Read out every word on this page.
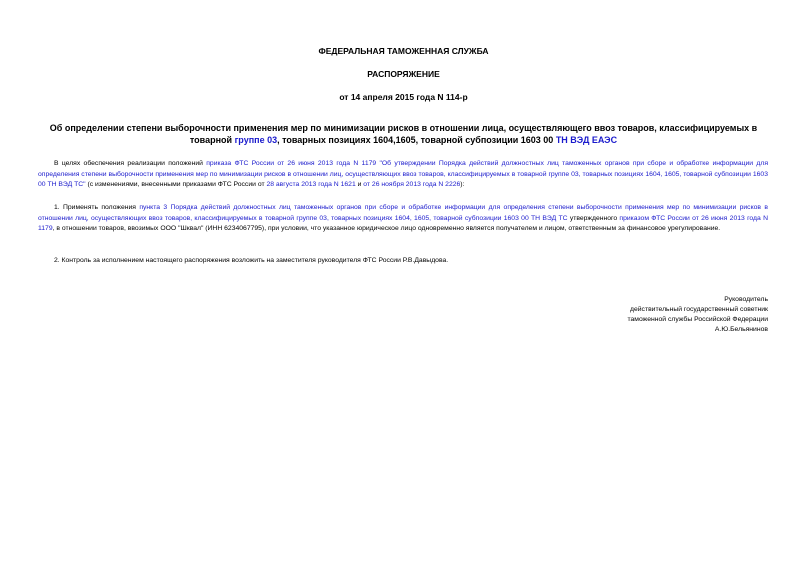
ФЕДЕРАЛЬНАЯ ТАМОЖЕННАЯ СЛУЖБА
РАСПОРЯЖЕНИЕ
от 14 апреля 2015 года N 114-р
Об определении степени выборочности применения мер по минимизации рисков в отношении лица, осуществляющего ввоз товаров, классифицируемых в товарной группе 03, товарных позициях 1604,1605, товарной субпозиции 1603 00 ТН ВЭД ЕАЭС
В целях обеспечения реализации положений приказа ФТС России от 26 июня 2013 года N 1179 "Об утверждении Порядка действий должностных лиц таможенных органов при сборе и обработке информации для определения степени выборочности применения мер по минимизации рисков в отношении лиц, осуществляющих ввоз товаров, классифицируемых в товарной группе 03, товарных позициях 1604, 1605, товарной субпозиции 1603 00 ТН ВЭД ТС" (с изменениями, внесенными приказами ФТС России от 28 августа 2013 года N 1621 и от 26 ноября 2013 года N 2226):
1. Применять положения пункта 3 Порядка действий должностных лиц таможенных органов при сборе и обработке информации для определения степени выборочности применения мер по минимизации рисков в отношении лиц, осуществляющих ввоз товаров, классифицируемых в товарной группе 03, товарных позициях 1604, 1605, товарной субпозиции 1603 00 ТН ВЭД ТС утвержденного приказом ФТС России от 26 июня 2013 года N 1179, в отношении товаров, ввозимых ООО "Шквал" (ИНН 6234067795), при условии, что указанное юридическое лицо одновременно является получателем и лицом, ответственным за финансовое урегулирование.
2. Контроль за исполнением настоящего распоряжения возложить на заместителя руководителя ФТС России Р.В.Давыдова.
Руководитель
действительный государственный советник
таможенной службы Российской Федерации
А.Ю.Бельянинов
